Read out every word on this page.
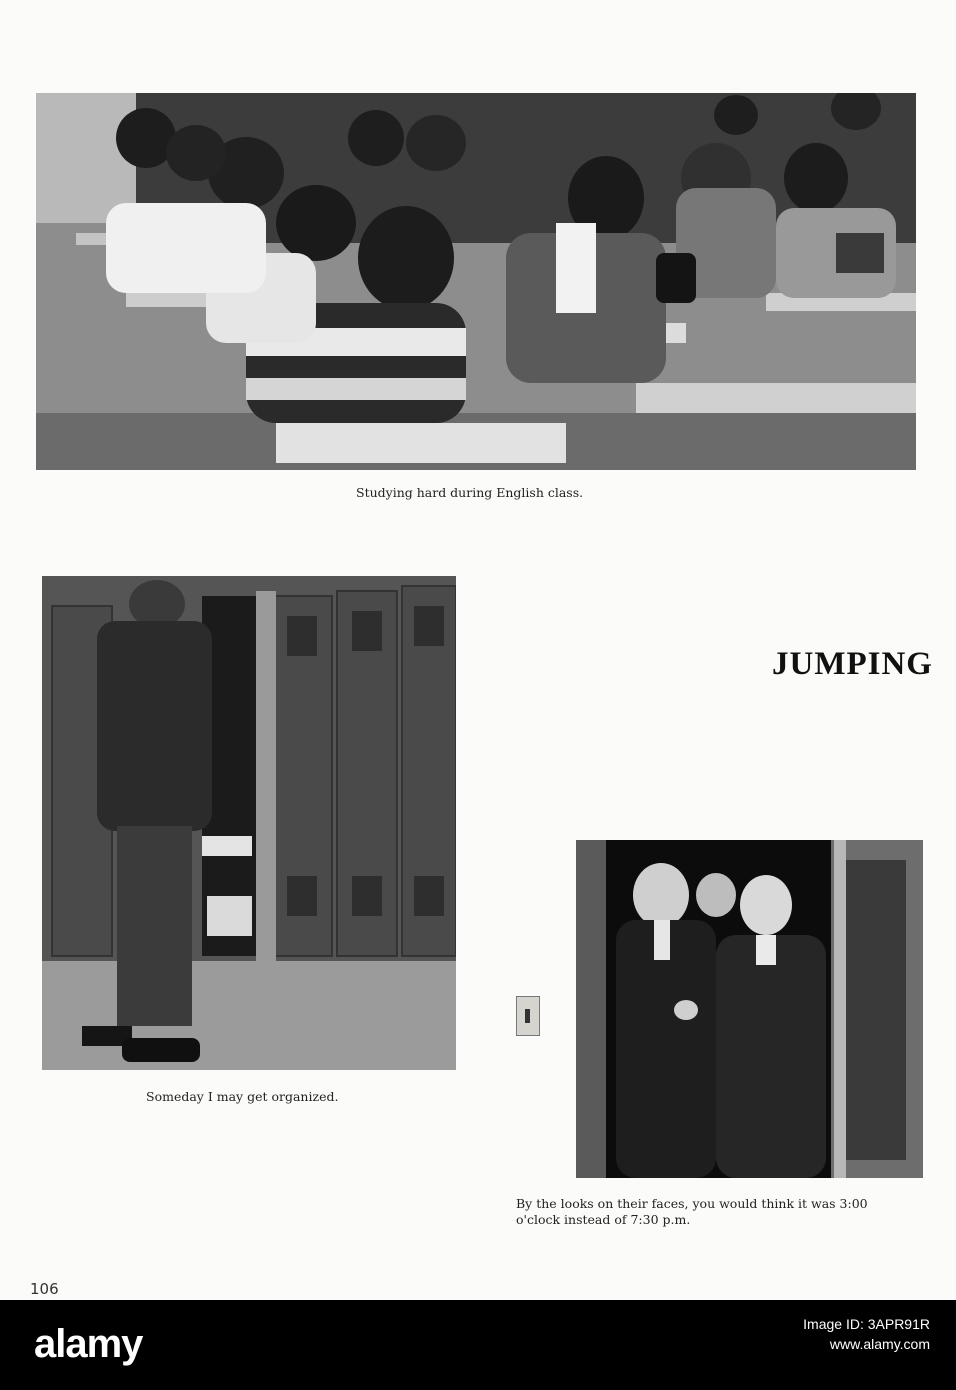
Studying hard during English class.
Someday I may get organized.
JUMPING
By the looks on their faces, you would think it was 3:00
o'clock instead of 7:30 p.m.
106
alamy	Image ID: 3APR91R
www.alamy.com
